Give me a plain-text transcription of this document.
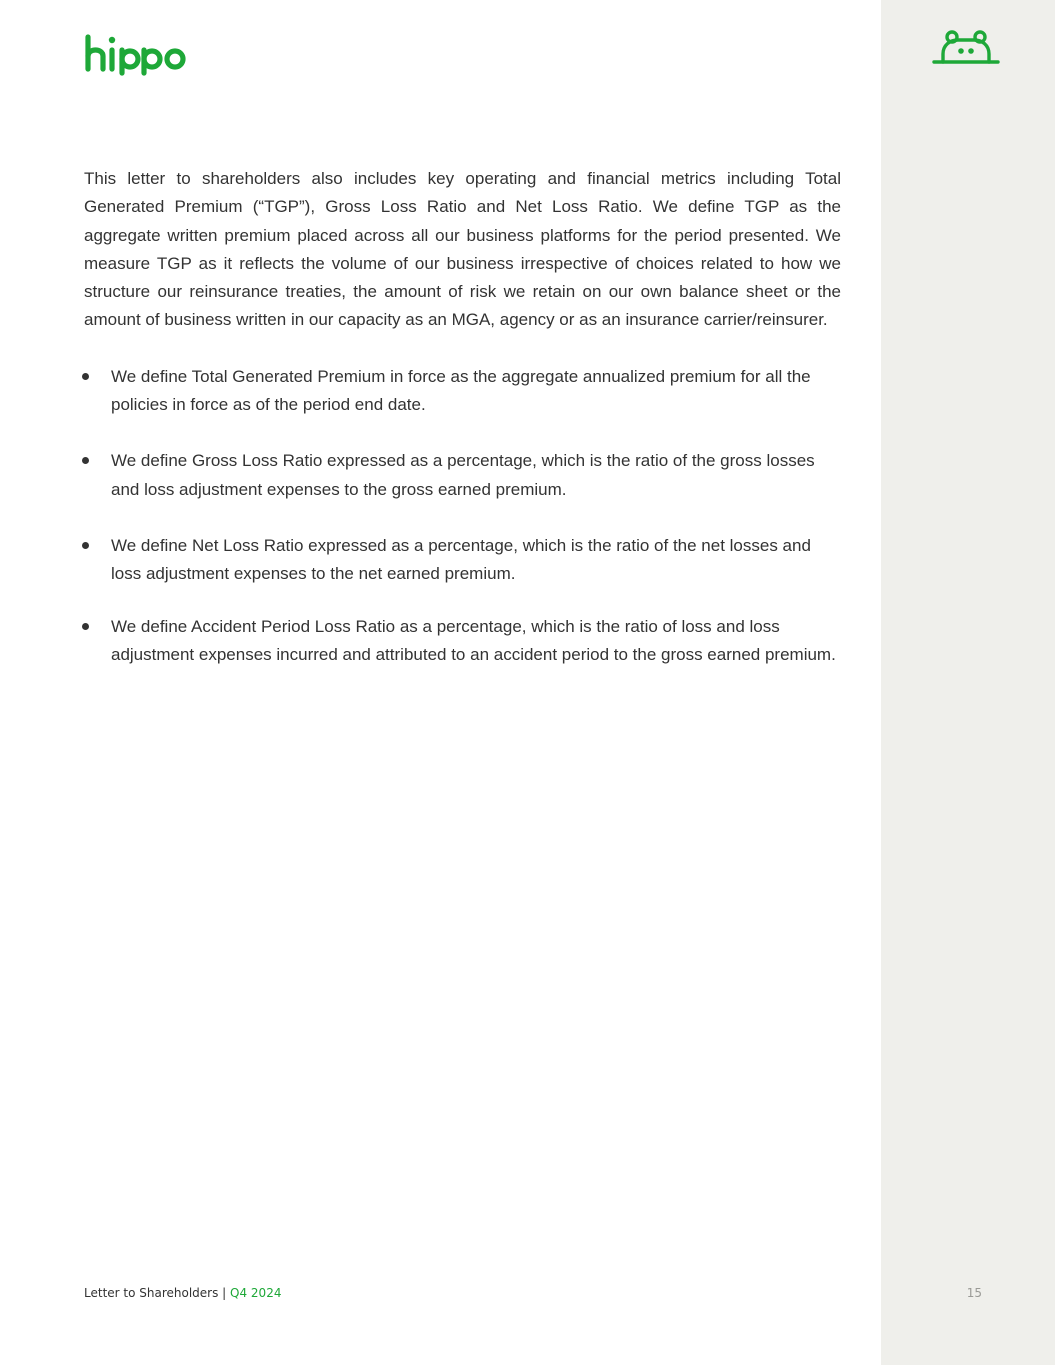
This letter to shareholders also includes key operating and financial metrics including Total Generated Premium (“TGP”), Gross Loss Ratio and Net Loss Ratio. We define TGP as the aggregate written premium placed across all our business platforms for the period presented. We measure TGP as it reflects the volume of our business irrespective of choices related to how we structure our reinsurance treaties, the amount of risk we retain on our own balance sheet or the amount of business written in our capacity as an MGA, agency or as an insurance carrier/reinsurer.

We define Total Generated Premium in force as the aggregate annualized premium for all the policies in force as of the period end date.
We define Gross Loss Ratio expressed as a percentage, which is the ratio of the gross losses and loss adjustment expenses to the gross earned premium.
We define Net Loss Ratio expressed as a percentage, which is the ratio of the net losses and loss adjustment expenses to the net earned premium.
We define Accident Period Loss Ratio as a percentage, which is the ratio of loss and loss adjustment expenses incurred and attributed to an accident period to the gross earned premium.
Letter to Shareholders | Q4 2024	15
